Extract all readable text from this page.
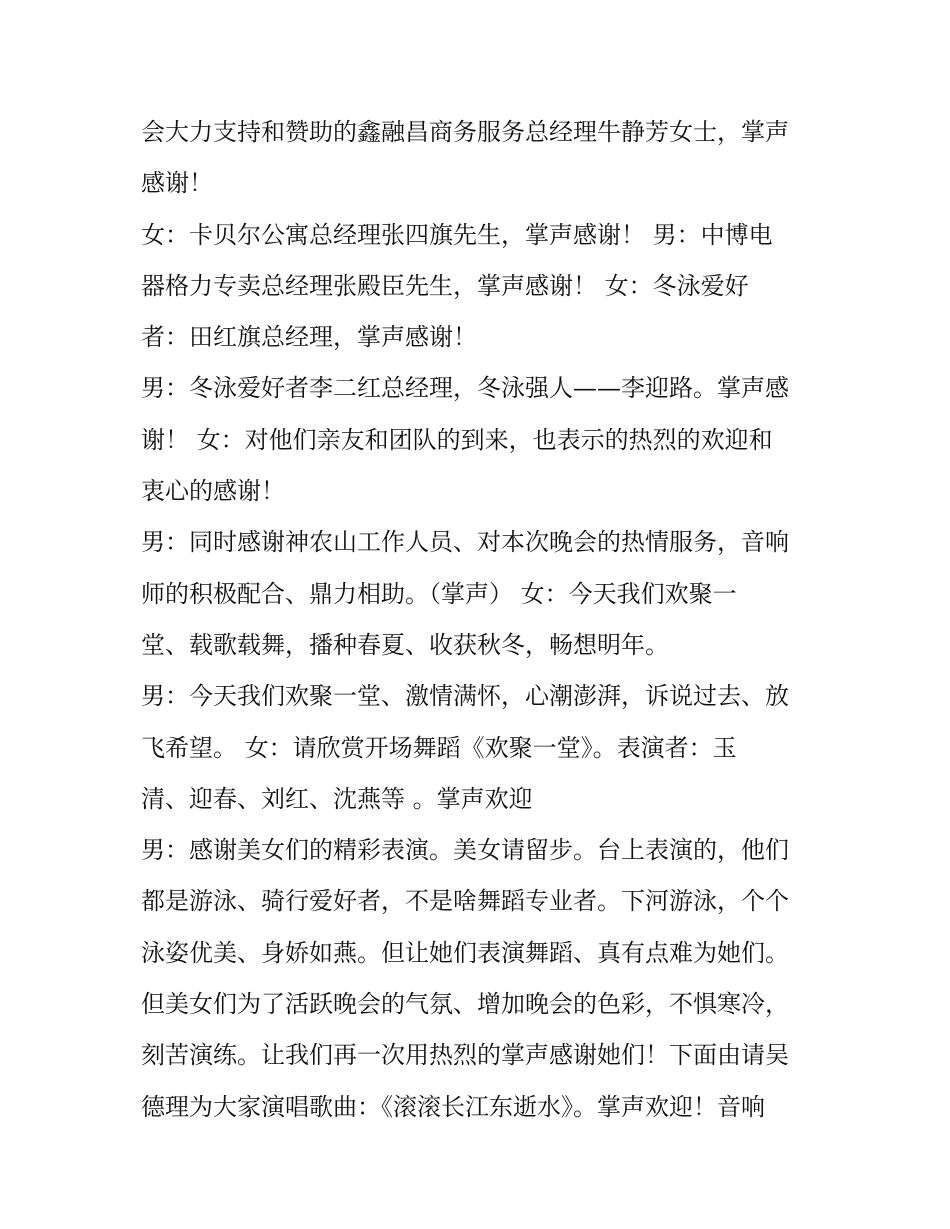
会大力支持和赞助的鑫融昌商务服务总经理牛静芳女士，掌声
感谢！
女：卡贝尔公寓总经理张四旗先生，掌声感谢！ 男：中博电
器格力专卖总经理张殿臣先生，掌声感谢！ 女：冬泳爱好
者：田红旗总经理，掌声感谢！
男：冬泳爱好者李二红总经理，冬泳强人——李迎路。掌声感
谢！ 女：对他们亲友和团队的到来，也表示的热烈的欢迎和
衷心的感谢！
男：同时感谢神农山工作人员、对本次晚会的热情服务，音响
师的积极配合、鼎力相助。（掌声） 女：今天我们欢聚一
堂、载歌载舞，播种春夏、收获秋冬，畅想明年。
男：今天我们欢聚一堂、激情满怀，心潮澎湃，诉说过去、放
飞希望。 女：请欣赏开场舞蹈《欢聚一堂》。表演者：玉
清、迎春、刘红、沈燕等 。掌声欢迎
男：感谢美女们的精彩表演。美女请留步。台上表演的，他们
都是游泳、骑行爱好者，不是啥舞蹈专业者。下河游泳，个个
泳姿优美、身娇如燕。但让她们表演舞蹈、真有点难为她们。
但美女们为了活跃晚会的气氛、增加晚会的色彩，不惧寒冷，
刻苦演练。让我们再一次用热烈的掌声感谢她们！下面由请吴
德理为大家演唱歌曲：《滚滚长江东逝水》。掌声欢迎！音响
